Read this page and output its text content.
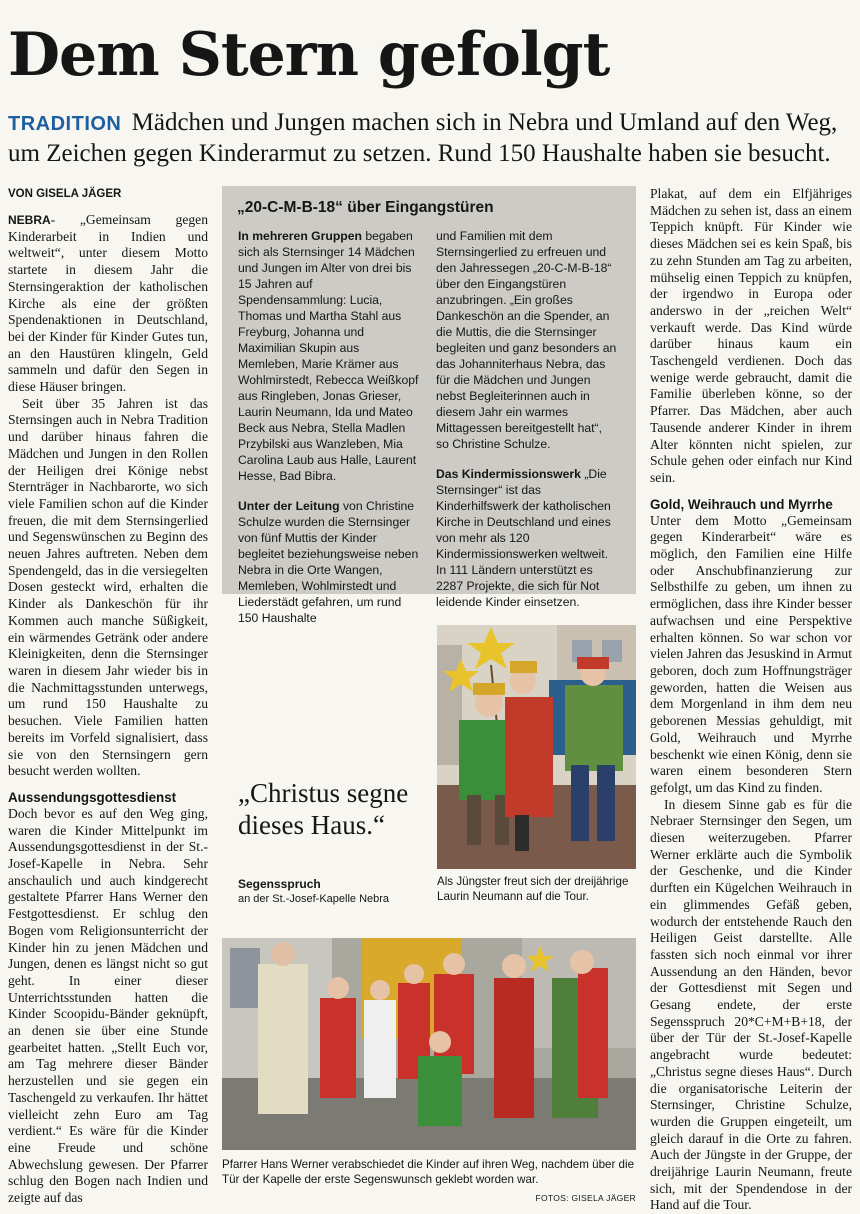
Dem Stern gefolgt
TRADITION Mädchen und Jungen machen sich in Nebra und Umland auf den Weg, um Zeichen gegen Kinderarmut zu setzen. Rund 150 Haushalte haben sie besucht.
VON GISELA JÄGER

NEBRA- „Gemeinsam gegen Kinderarbeit in Indien und weltweit“, unter diesem Motto startete in diesem Jahr die Sternsingeraktion der katholischen Kirche als eine der größten Spendenaktionen in Deutschland, bei der Kinder für Kinder Gutes tun, an den Haustüren klingeln, Geld sammeln und dafür den Segen in diese Häuser bringen.

Seit über 35 Jahren ist das Sternsingen auch in Nebra Tradition und darüber hinaus fahren die Mädchen und Jungen in den Rollen der Heiligen drei Könige nebst Sternträger in Nachbarorte, wo sich viele Familien schon auf die Kinder freuen, die mit dem Sternsingerlied und Segenswünschen zu Beginn des neuen Jahres auftreten. Neben dem Spendengeld, das in die versiegelten Dosen gesteckt wird, erhalten die Kinder als Dankeschön für ihr Kommen auch manche Süßigkeit, ein wärmendes Getränk oder andere Kleinigkeiten, denn die Sternsinger waren in diesem Jahr wieder bis in die Nachmittagsstunden unterwegs, um rund 150 Haushalte zu besuchen. Viele Familien hatten bereits im Vorfeld signalisiert, dass sie von den Sternsingern gern besucht werden wollten.

Aussendungsgottesdienst

Doch bevor es auf den Weg ging, waren die Kinder Mittelpunkt im Aussendungsgottesdienst in der St.-Josef-Kapelle in Nebra. Sehr anschaulich und auch kindgerecht gestaltete Pfarrer Hans Werner den Festgottesdienst. Er schlug den Bogen vom Religionsunterricht der Kinder hin zu jenen Mädchen und Jungen, denen es längst nicht so gut geht. In einer dieser Unterrichtsstunden hatten die Kinder Scoopidu-Bänder geknüpft, an denen sie über eine Stunde gearbeitet hatten. „Stellt Euch vor, am Tag mehrere dieser Bänder herzustellen und sie gegen ein Taschengeld zu verkaufen. Ihr hättet vielleicht zehn Euro am Tag verdient.“ Es wäre für die Kinder eine Freude und schöne Abwechslung gewesen. Der Pfarrer schlug den Bogen nach Indien und zeigte auf das

„20-C-M-B-18“ über Eingangstüren

In mehreren Gruppen begaben sich als Sternsinger 14 Mädchen und Jungen im Alter von drei bis 15 Jahren auf Spendensammlung: Lucia, Thomas und Martha Stahl aus Freyburg, Johanna und Maximilian Skupin aus Memleben, Marie Krämer aus Wohlmirstedt, Rebecca Weißkopf aus Ringleben, Jonas Grieser, Laurin Neumann, Ida und Mateo Beck aus Nebra, Stella Madlen Przybilski aus Wanzleben, Mia Carolina Laub aus Halle, Laurent Hesse, Bad Bibra.

Unter der Leitung von Christine Schulze wurden die Sternsinger von fünf Muttis der Kinder begleitet beziehungsweise neben Nebra in die Orte Wangen, Memleben, Wohlmirstedt und Liederstädt gefahren, um rund 150 Haushalte

und Familien mit dem Sternsingerlied zu erfreuen und den Jahressegen „20-C-M-B-18“ über den Eingangstüren anzubringen. „Ein großes Dankeschön an die Spender, an die Muttis, die die Sternsinger begleiten und ganz besonders an das Johanniterhaus Nebra, das für die Mädchen und Jungen nebst Begleiterinnen auch in diesem Jahr ein warmes Mittagessen bereitgestellt hat“, so Christine Schulze.

Das Kindermissionswerk „Die Sternsinger“ ist das Kinderhilfswerk der katholischen Kirche in Deutschland und eines von mehr als 120 Kindermissionswerken weltweit. In 111 Ländern unterstützt es 2287 Projekte, die sich für Not leidende Kinder einsetzen.

„Christus segne dieses Haus.“
Segensspruch
an der St.-Josef-Kapelle Nebra
Als Jüngster freut sich der dreijährige Laurin Neumann auf die Tour.
Pfarrer Hans Werner verabschiedet die Kinder auf ihren Weg, nachdem über die Tür der Kapelle der erste Segenswunsch geklebt worden war.
FOTOS: GISELA JÄGER

Plakat, auf dem ein Elfjähriges Mädchen zu sehen ist, dass an einem Teppich knüpft. Für Kinder wie dieses Mädchen sei es kein Spaß, bis zu zehn Stunden am Tag zu arbeiten, mühselig einen Teppich zu knüpfen, der irgendwo in Europa oder anderswo in der „reichen Welt“ verkauft werde. Das Kind würde darüber hinaus kaum ein Taschengeld verdienen. Doch das wenige werde gebraucht, damit die Familie überleben könne, so der Pfarrer. Das Mädchen, aber auch Tausende anderer Kinder in ihrem Alter könnten nicht spielen, zur Schule gehen oder einfach nur Kind sein.

Gold, Weihrauch und Myrrhe

Unter dem Motto „Gemeinsam gegen Kinderarbeit“ wäre es möglich, den Familien eine Hilfe oder Anschubfinanzierung zur Selbsthilfe zu geben, um ihnen zu ermöglichen, dass ihre Kinder besser aufwachsen und eine Perspektive erhalten können. So war schon vor vielen Jahren das Jesuskind in Armut geboren, doch zum Hoffnungsträger geworden, hatten die Weisen aus dem Morgenland in ihm dem neu geborenen Messias gehuldigt, mit Gold, Weihrauch und Myrrhe beschenkt wie einen König, denn sie waren einem besonderen Stern gefolgt, um das Kind zu finden.

In diesem Sinne gab es für die Nebraer Sternsinger den Segen, um diesen weiterzugeben. Pfarrer Werner erklärte auch die Symbolik der Geschenke, und die Kinder durften ein Kügelchen Weihrauch in ein glimmendes Gefäß geben, wodurch der entstehende Rauch den Heiligen Geist darstellte. Alle fassten sich noch einmal vor ihrer Aussendung an den Händen, bevor der Gottesdienst mit Segen und Gesang endete, der erste Segensspruch 20*C+M+B+18, der über der Tür der St.-Josef-Kapelle angebracht wurde bedeutet: „Christus segne dieses Haus“. Durch die organisatorische Leiterin der Sternsinger, Christine Schulze, wurden die Gruppen eingeteilt, um gleich darauf in die Orte zu fahren. Auch der Jüngste in der Gruppe, der dreijährige Laurin Neumann, freute sich, mit der Spendendose in der Hand auf die Tour.
